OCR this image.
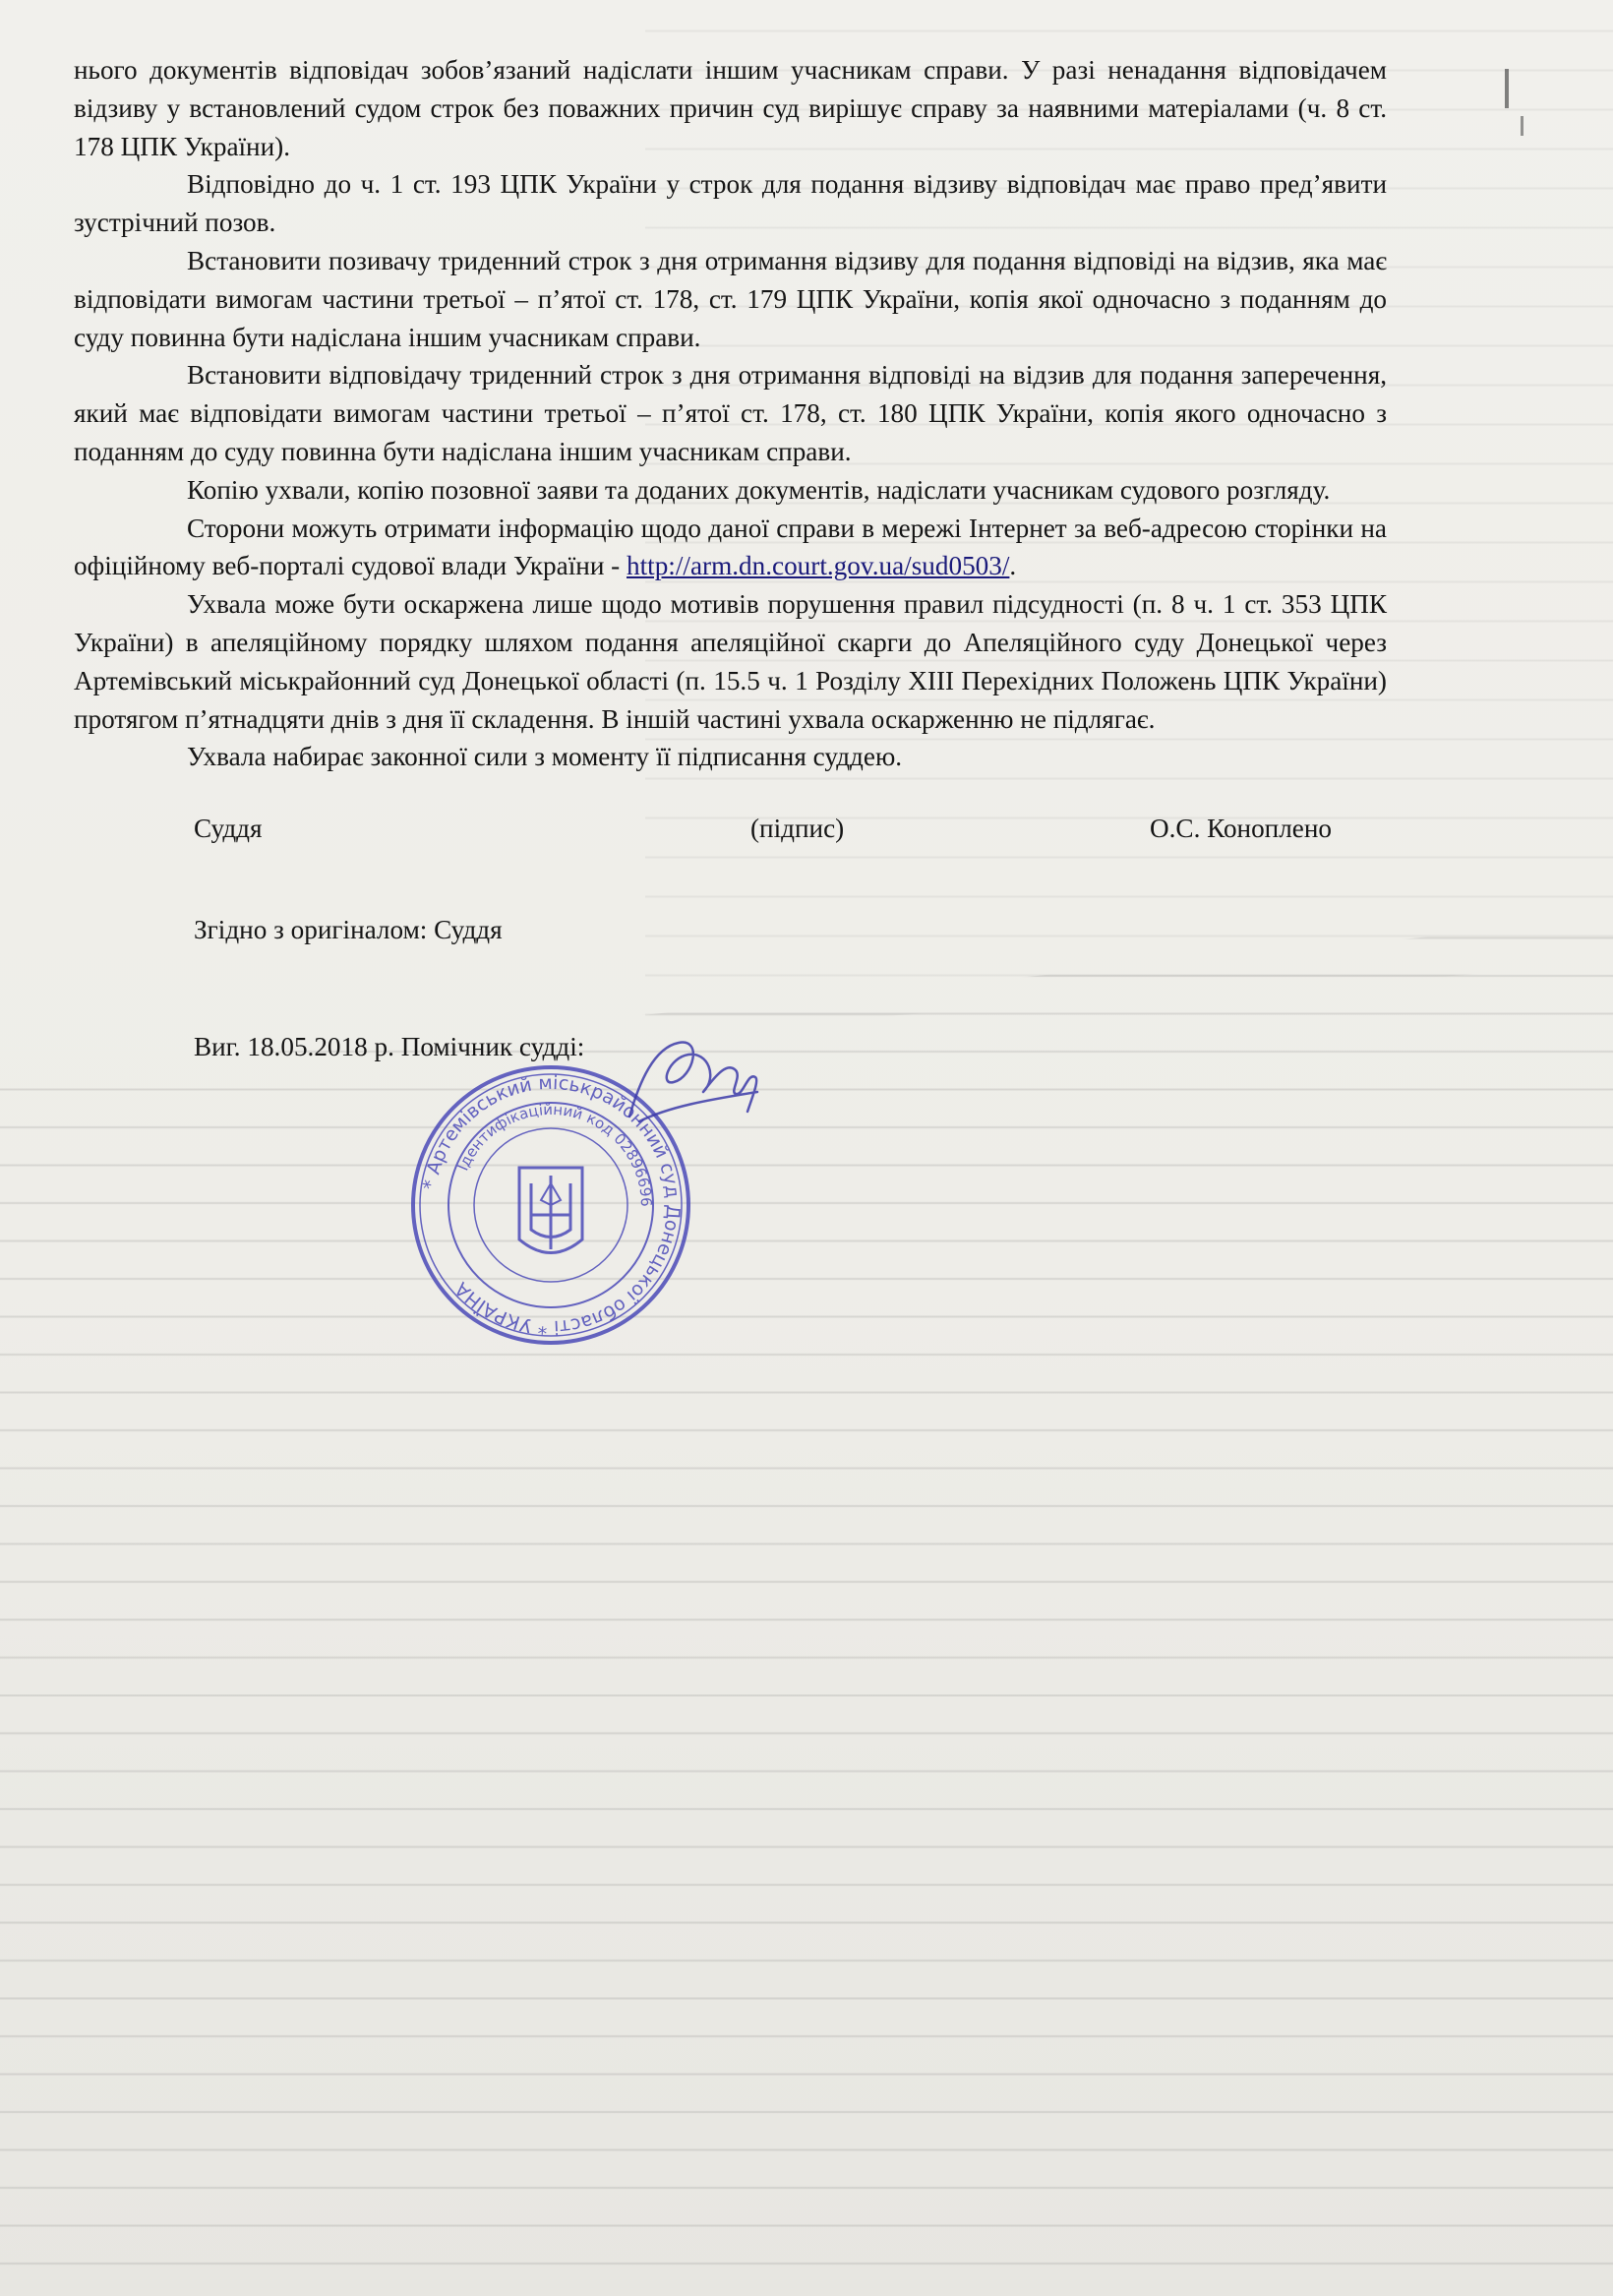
нього документів відповідач зобов’язаний надіслати іншим учасникам справи. У разі ненадання відповідачем відзиву у встановлений судом строк без поважних причин суд вирішує справу за наявними матеріалами (ч. 8 ст. 178 ЦПК України).

Відповідно до ч. 1 ст. 193 ЦПК України у строк для подання відзиву відповідач має право пред’явити зустрічний позов.

Встановити позивачу триденний строк з дня отримання відзиву для подання відповіді на відзив, яка має відповідати вимогам частини третьої – п’ятої ст. 178, ст. 179 ЦПК України, копія якої одночасно з поданням до суду повинна бути надіслана іншим учасникам справи.

Встановити відповідачу триденний строк з дня отримання відповіді на відзив для подання заперечення, який має відповідати вимогам частини третьої – п’ятої ст. 178, ст. 180 ЦПК України, копія якого одночасно з поданням до суду повинна бути надіслана іншим учасникам справи.

Копію ухвали, копію позовної заяви та доданих документів, надіслати учасникам судового розгляду.

Сторони можуть отримати інформацію щодо даної справи в мережі Інтернет за веб-адресою сторінки на офіційному веб-порталі судової влади України - http://arm.dn.court.gov.ua/sud0503/.

Ухвала може бути оскаржена лише щодо мотивів порушення правил підсудності (п. 8 ч. 1 ст. 353 ЦПК України) в апеляційному порядку шляхом подання апеляційної скарги до Апеляційного суду Донецької через Артемівський міськрайонний суд Донецької області (п. 15.5 ч. 1 Розділу XIII Перехідних Положень ЦПК України) протягом п’ятнадцяти днів з дня її складення. В іншій частині ухвала оскарженню не підлягає.

Ухвала набирає законної сили з моменту її підписання суддею.

Суддя	(підпис)	О.С. Коноплено
Згідно з оригіналом: Суддя
Виг. 18.05.2018 р. Помічник судді:
* Артемівський міськрайонний суд Донецької області * УКРАЇНА
Ідентифікаційний код 02896696
